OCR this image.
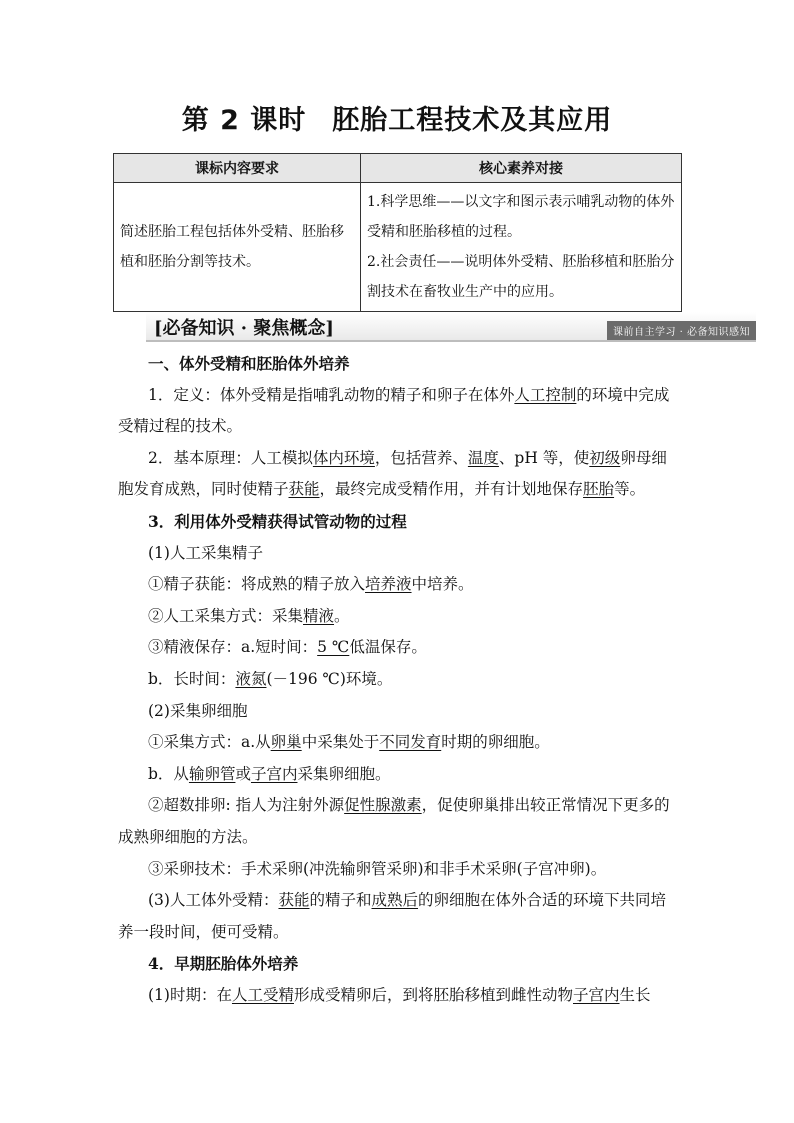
第 2 课时 胚胎工程技术及其应用
课标内容要求	核心素养对接
简述胚胎工程包括体外受精、胚胎移植和胚胎分割等技术。	1.科学思维——以文字和图示表示哺乳动物的体外受精和胚胎移植的过程。
2.社会责任——说明体外受精、胚胎移植和胚胎分割技术在畜牧业生产中的应用。
[必备知识 · 聚焦概念]	课前自主学习 · 必备知识感知

一、体外受精和胚胎体外培养

1．定义：体外受精是指哺乳动物的精子和卵子在体外人工控制的环境中完成受精过程的技术。

2．基本原理：人工模拟体内环境，包括营养、温度、pH 等，使初级卵母细胞发育成熟，同时使精子获能，最终完成受精作用，并有计划地保存胚胎等。

3．利用体外受精获得试管动物的过程

(1)人工采集精子

①精子获能：将成熟的精子放入培养液中培养。

②人工采集方式：采集精液。

③精液保存：a.短时间：5 ℃低温保存。

b．长时间：液氮(－196 ℃)环境。

(2)采集卵细胞

①采集方式：a.从卵巢中采集处于不同发育时期的卵细胞。

b．从输卵管或子宫内采集卵细胞。

②超数排卵: 指人为注射外源促性腺激素，促使卵巢排出较正常情况下更多的成熟卵细胞的方法。

③采卵技术：手术采卵(冲洗输卵管采卵)和非手术采卵(子宫冲卵)。

(3)人工体外受精：获能的精子和成熟后的卵细胞在体外合适的环境下共同培养一段时间，便可受精。

4．早期胚胎体外培养

(1)时期：在人工受精形成受精卵后，到将胚胎移植到雌性动物子宫内生长
